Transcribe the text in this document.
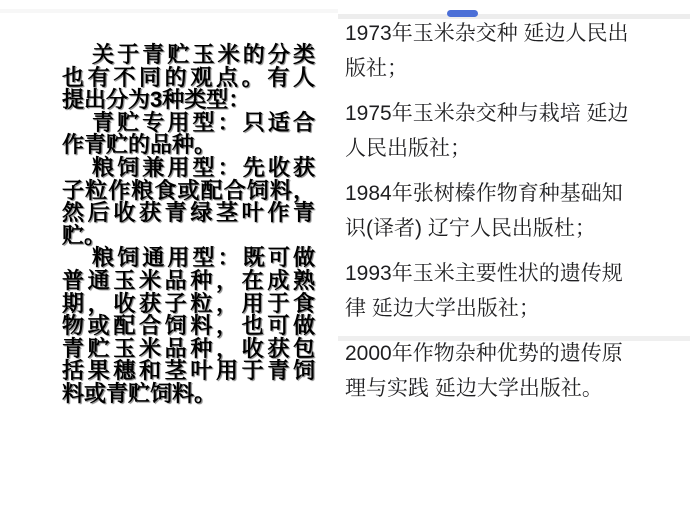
关于青贮玉米的分类
也有不同的观点。有人
提出分为3种类型：
青贮专用型：只适合
作青贮的品种。
粮饲兼用型：先收获
子粒作粮食或配合饲料，
然后收获青绿茎叶作青
贮。
粮饲通用型：既可做
普通玉米品种，在成熟
期，收获子粒，用于食
物或配合饲料，也可做
青贮玉米品种，收获包
括果穗和茎叶用于青饲
料或青贮饲料。
1973年玉米杂交种 延边人民出
版社；
1975年玉米杂交种与栽培 延边
人民出版社；
1984年张树榛作物育种基础知
识(译者) 辽宁人民出版杜；
1993年玉米主要性状的遗传规
律 延边大学出版社；
2000年作物杂种优势的遗传原
理与实践 延边大学出版社。
